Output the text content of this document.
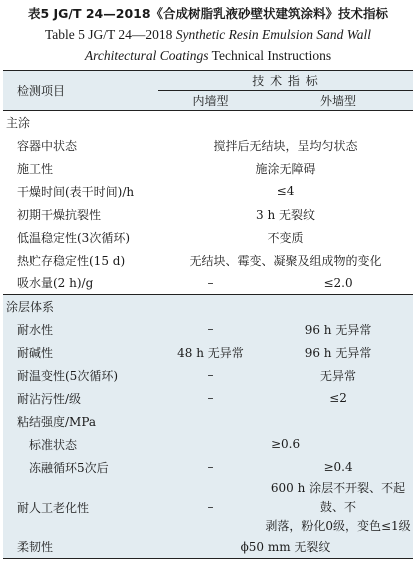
表5 JG/T 24—2018《合成树脂乳液砂壁状建筑涂料》技术指标
Table 5 JG/T 24—2018 Synthetic Resin Emulsion Sand Wall
Architectural Coatings Technical Instructions
检测项目	技 术 指 标	
	内墙型	外墙型
主涂		
容器中状态	搅拌后无结块，呈均匀状态	
施工性	施涂无障碍	
干燥时间(表干时间)/h	≤4	
初期干燥抗裂性	3 h 无裂纹	
低温稳定性(3次循环)	不变质	
热贮存稳定性(15 d)	无结块、霉变、凝聚及组成物的变化	
吸水量(2 h)/g	–	≤2.0
涂层体系		
耐水性	–	96 h 无异常
耐碱性	48 h 无异常	96 h 无异常
耐温变性(5次循环)	–	无异常
耐沾污性/级	–	≤2
粘结强度/MPa		
标准状态	≥0.6	
冻融循环5次后	–	≥0.4
耐人工老化性	–	600 h 涂层不开裂、不起鼓、不
剥落，粉化0级，变色≤1级

柔韧性	ϕ50 mm 无裂纹	
